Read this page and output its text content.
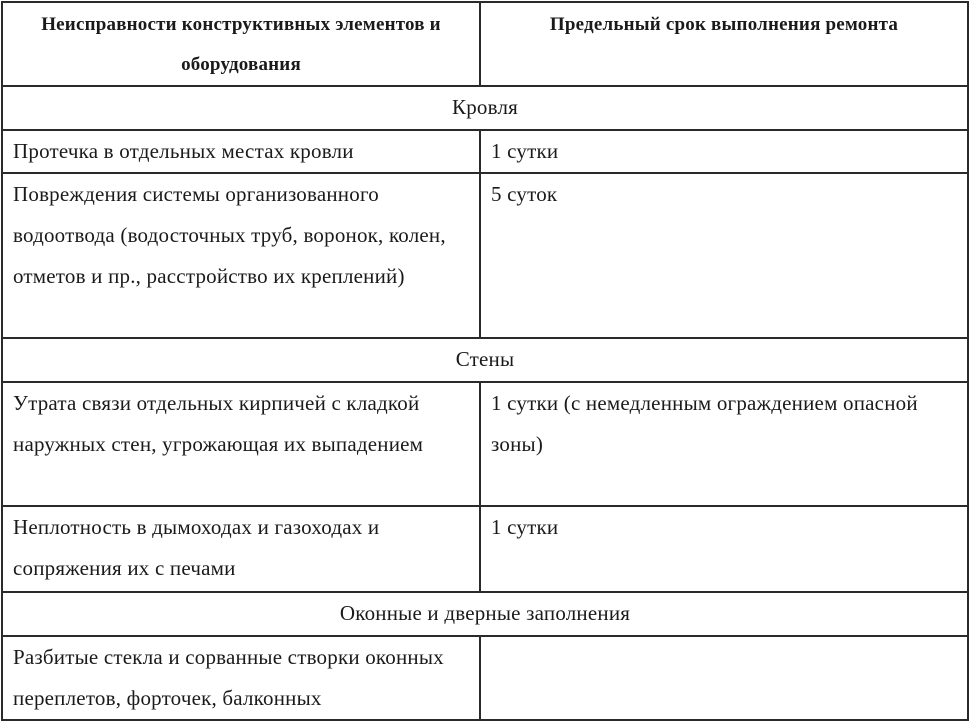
Неисправности конструктивных элементов и оборудования	Предельный срок выполнения ремонта
Кровля	
Протечка в отдельных местах кровли	1 сутки
Повреждения системы организованного водоотвода (водосточных труб, воронок, колен, отметов и пр., расстройство их креплений)	5 суток
Стены	
Утрата связи отдельных кирпичей с кладкой наружных стен, угрожающая их выпадением	1 сутки (с немедленным ограждением опасной зоны)
Неплотность в дымоходах и газоходах и сопряжения их с печами	1 сутки
Оконные и дверные заполнения	
Разбитые стекла и сорванные створки оконных переплетов, форточек, балконных	
